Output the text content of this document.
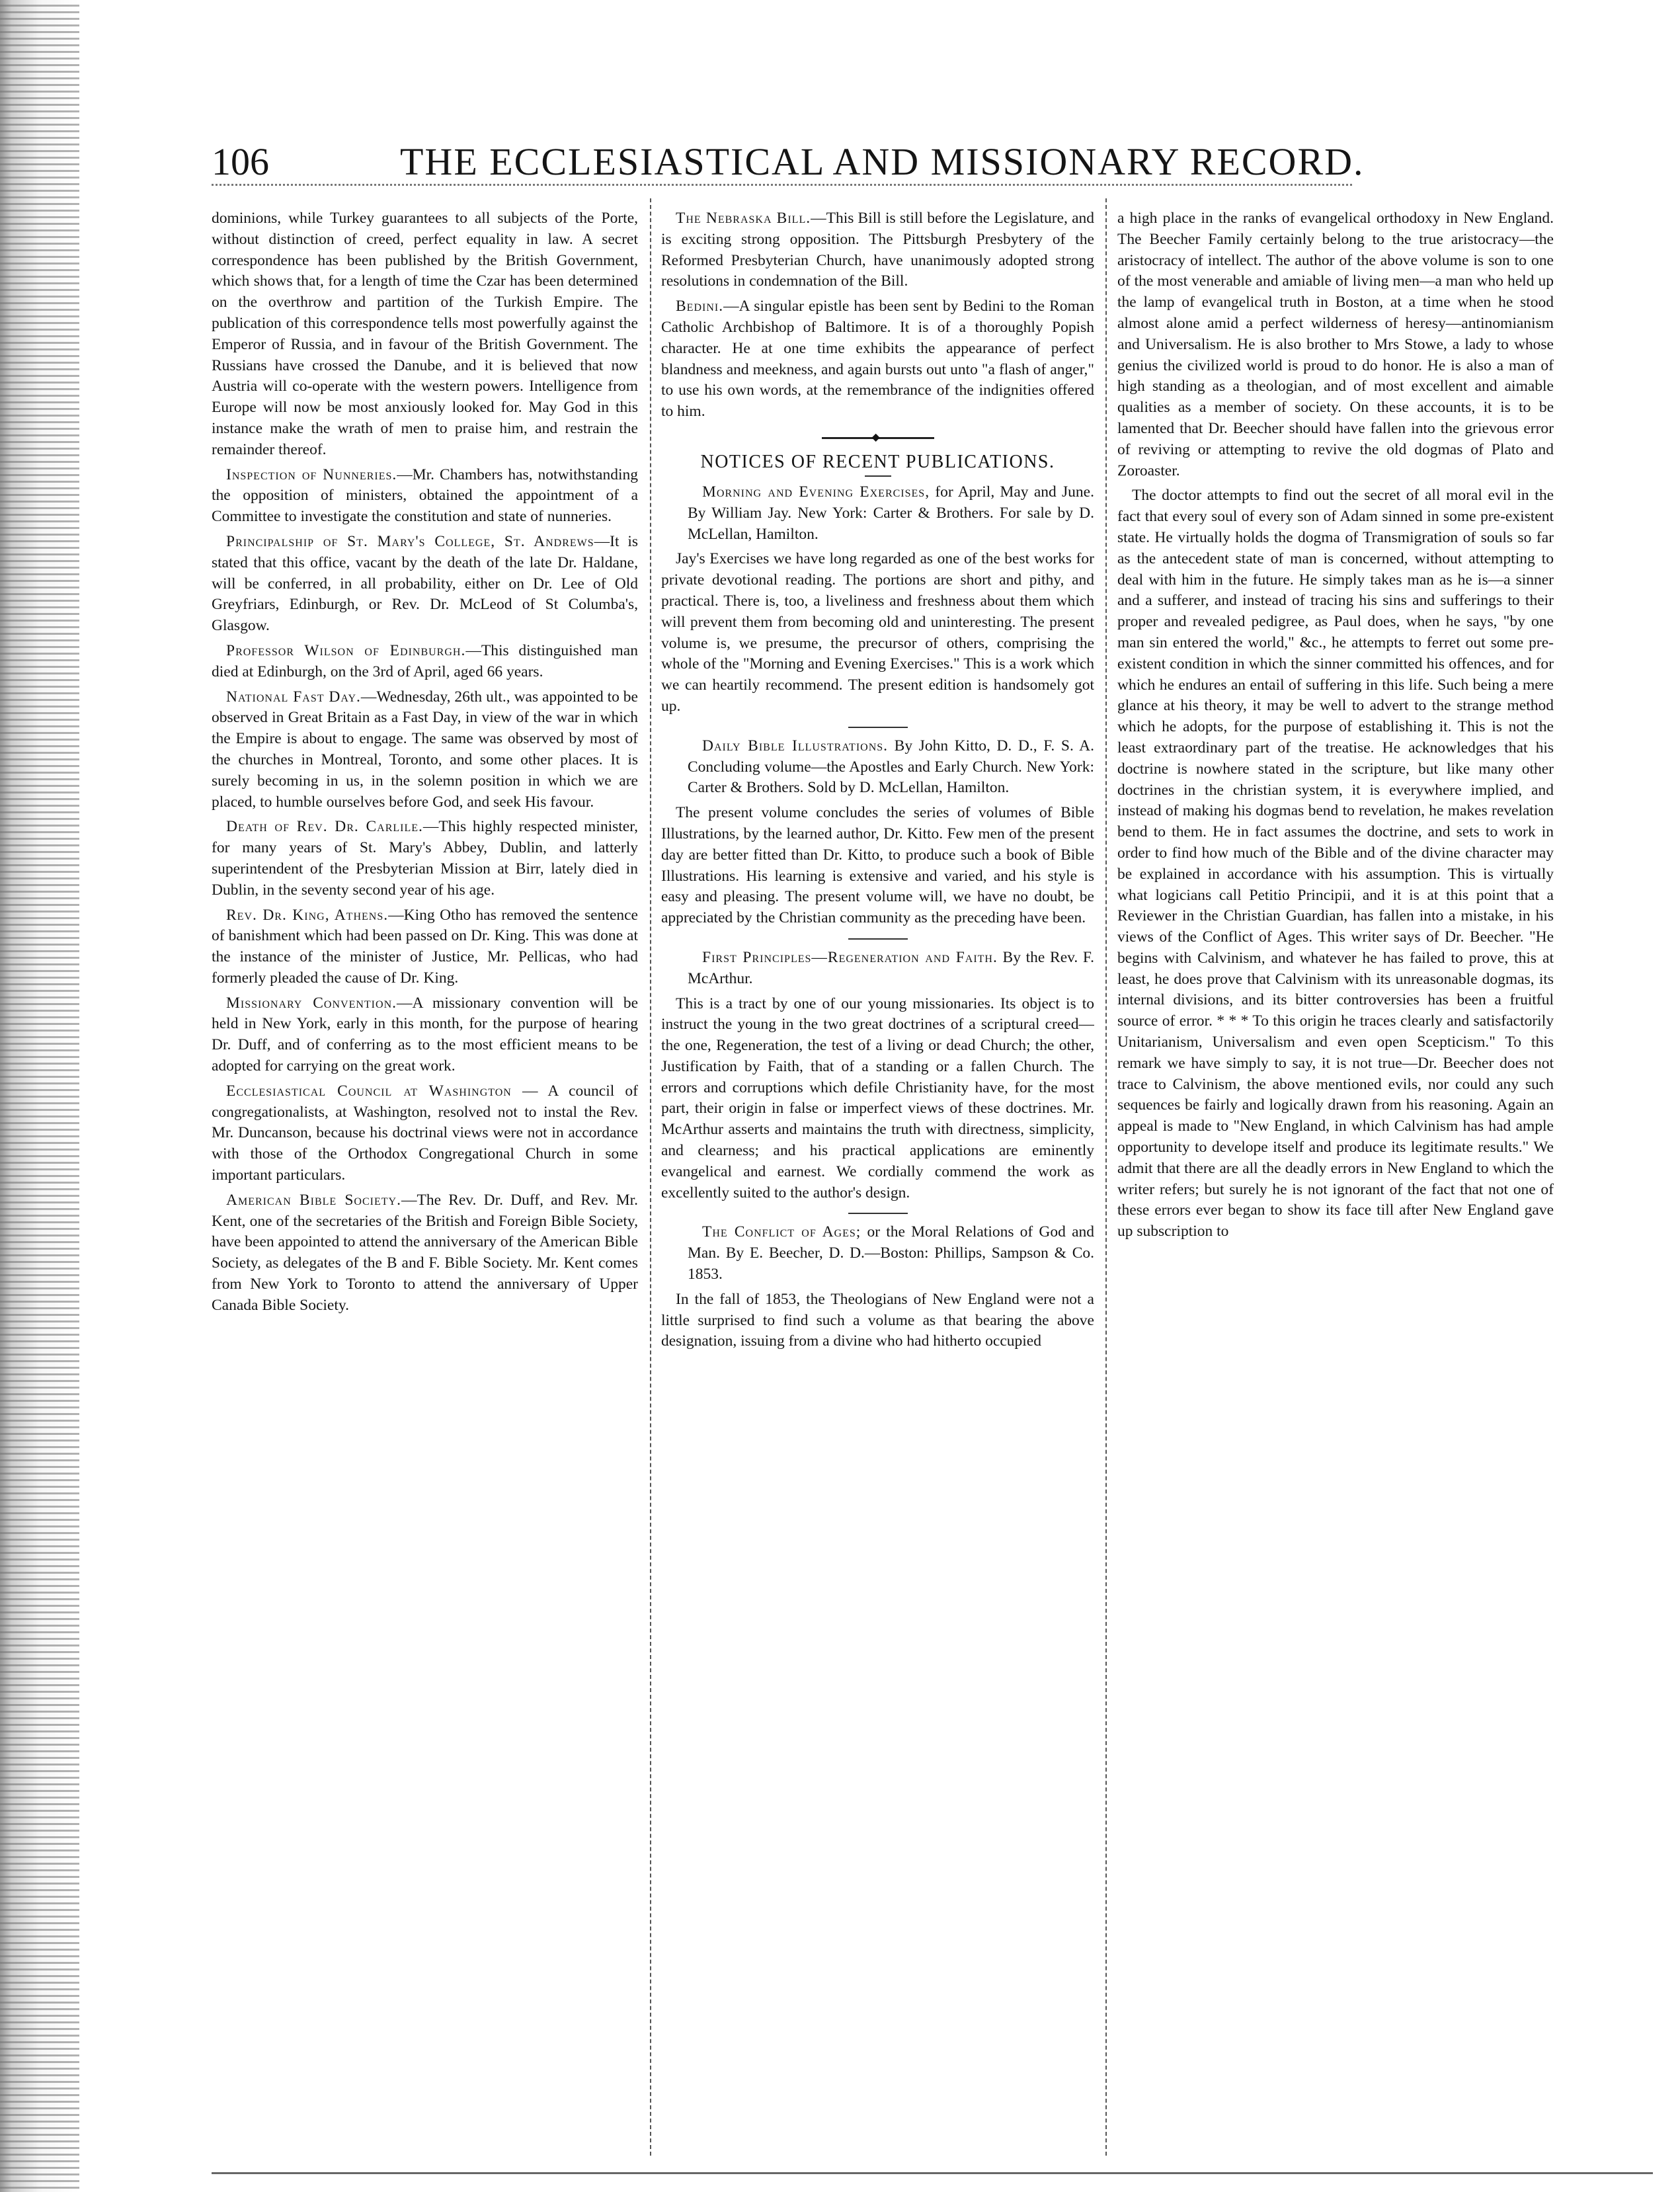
106	THE ECCLESIASTICAL AND MISSIONARY RECORD.

dominions, while Turkey guarantees to all subjects of the Porte, without distinction of creed, perfect equality in law. A secret correspondence has been published by the British Government, which shows that, for a length of time the Czar has been determined on the overthrow and partition of the Turkish Empire. The publication of this correspondence tells most powerfully against the Emperor of Russia, and in favour of the British Government. The Russians have crossed the Danube, and it is believed that now Austria will co-operate with the western powers. Intelligence from Europe will now be most anxiously looked for. May God in this instance make the wrath of men to praise him, and restrain the remainder thereof.

Inspection of Nunneries.—Mr. Chambers has, notwithstanding the opposition of ministers, obtained the appointment of a Committee to investigate the constitution and state of nunneries.

Principalship of St. Mary's College, St. Andrews—It is stated that this office, vacant by the death of the late Dr. Haldane, will be conferred, in all probability, either on Dr. Lee of Old Greyfriars, Edinburgh, or Rev. Dr. McLeod of St Columba's, Glasgow.

Professor Wilson of Edinburgh.—This distinguished man died at Edinburgh, on the 3rd of April, aged 66 years.

National Fast Day.—Wednesday, 26th ult., was appointed to be observed in Great Britain as a Fast Day, in view of the war in which the Empire is about to engage. The same was observed by most of the churches in Montreal, Toronto, and some other places. It is surely becoming in us, in the solemn position in which we are placed, to humble ourselves before God, and seek His favour.

Death of Rev. Dr. Carlile.—This highly respected minister, for many years of St. Mary's Abbey, Dublin, and latterly superintendent of the Presbyterian Mission at Birr, lately died in Dublin, in the seventy second year of his age.

Rev. Dr. King, Athens.—King Otho has removed the sentence of banishment which had been passed on Dr. King. This was done at the instance of the minister of Justice, Mr. Pellicas, who had formerly pleaded the cause of Dr. King.

Missionary Convention.—A missionary convention will be held in New York, early in this month, for the purpose of hearing Dr. Duff, and of conferring as to the most efficient means to be adopted for carrying on the great work.

Ecclesiastical Council at Washington — A council of congregationalists, at Washington, resolved not to instal the Rev. Mr. Duncanson, because his doctrinal views were not in accordance with those of the Orthodox Congregational Church in some important particulars.

American Bible Society.—The Rev. Dr. Duff, and Rev. Mr. Kent, one of the secretaries of the British and Foreign Bible Society, have been appointed to attend the anniversary of the American Bible Society, as delegates of the B and F. Bible Society. Mr. Kent comes from New York to Toronto to attend the anniversary of Upper Canada Bible Society.

The Nebraska Bill.—This Bill is still before the Legislature, and is exciting strong opposition. The Pittsburgh Presbytery of the Reformed Presbyterian Church, have unanimously adopted strong resolutions in condemnation of the Bill.

Bedini.—A singular epistle has been sent by Bedini to the Roman Catholic Archbishop of Baltimore. It is of a thoroughly Popish character. He at one time exhibits the appearance of perfect blandness and meekness, and again bursts out unto "a flash of anger," to use his own words, at the remembrance of the indignities offered to him.

◆
NOTICES OF RECENT PUBLICATIONS.

Morning and Evening Exercises, for April, May and June. By William Jay. New York: Carter & Brothers. For sale by D. McLellan, Hamilton.

Jay's Exercises we have long regarded as one of the best works for private devotional reading. The portions are short and pithy, and practical. There is, too, a liveliness and freshness about them which will prevent them from becoming old and uninteresting. The present volume is, we presume, the precursor of others, comprising the whole of the "Morning and Evening Exercises." This is a work which we can heartily recommend. The present edition is handsomely got up.

Daily Bible Illustrations. By John Kitto, D. D., F. S. A. Concluding volume—the Apostles and Early Church. New York: Carter & Brothers. Sold by D. McLellan, Hamilton.

The present volume concludes the series of volumes of Bible Illustrations, by the learned author, Dr. Kitto. Few men of the present day are better fitted than Dr. Kitto, to produce such a book of Bible Illustrations. His learning is extensive and varied, and his style is easy and pleasing. The present volume will, we have no doubt, be appreciated by the Christian community as the preceding have been.

First Principles—Regeneration and Faith. By the Rev. F. McArthur.

This is a tract by one of our young missionaries. Its object is to instruct the young in the two great doctrines of a scriptural creed—the one, Regeneration, the test of a living or dead Church; the other, Justification by Faith, that of a standing or a fallen Church. The errors and corruptions which defile Christianity have, for the most part, their origin in false or imperfect views of these doctrines. Mr. McArthur asserts and maintains the truth with directness, simplicity, and clearness; and his practical applications are eminently evangelical and earnest. We cordially commend the work as excellently suited to the author's design.

The Conflict of Ages; or the Moral Relations of God and Man. By E. Beecher, D. D.—Boston: Phillips, Sampson & Co. 1853.

In the fall of 1853, the Theologians of New England were not a little surprised to find such a volume as that bearing the above designation, issuing from a divine who had hitherto occupied

a high place in the ranks of evangelical orthodoxy in New England. The Beecher Family certainly belong to the true aristocracy—the aristocracy of intellect. The author of the above volume is son to one of the most venerable and amiable of living men—a man who held up the lamp of evangelical truth in Boston, at a time when he stood almost alone amid a perfect wilderness of heresy—antinomianism and Universalism. He is also brother to Mrs Stowe, a lady to whose genius the civilized world is proud to do honor. He is also a man of high standing as a theologian, and of most excellent and aimable qualities as a member of society. On these accounts, it is to be lamented that Dr. Beecher should have fallen into the grievous error of reviving or attempting to revive the old dogmas of Plato and Zoroaster.

The doctor attempts to find out the secret of all moral evil in the fact that every soul of every son of Adam sinned in some pre-existent state. He virtually holds the dogma of Transmigration of souls so far as the antecedent state of man is concerned, without attempting to deal with him in the future. He simply takes man as he is—a sinner and a sufferer, and instead of tracing his sins and sufferings to their proper and revealed pedigree, as Paul does, when he says, "by one man sin entered the world," &c., he attempts to ferret out some pre-existent condition in which the sinner committed his offences, and for which he endures an entail of suffering in this life. Such being a mere glance at his theory, it may be well to advert to the strange method which he adopts, for the purpose of establishing it. This is not the least extraordinary part of the treatise. He acknowledges that his doctrine is nowhere stated in the scripture, but like many other doctrines in the christian system, it is everywhere implied, and instead of making his dogmas bend to revelation, he makes revelation bend to them. He in fact assumes the doctrine, and sets to work in order to find how much of the Bible and of the divine character may be explained in accordance with his assumption. This is virtually what logicians call Petitio Principii, and it is at this point that a Reviewer in the Christian Guardian, has fallen into a mistake, in his views of the Conflict of Ages. This writer says of Dr. Beecher. "He begins with Calvinism, and whatever he has failed to prove, this at least, he does prove that Calvinism with its unreasonable dogmas, its internal divisions, and its bitter controversies has been a fruitful source of error. * * * To this origin he traces clearly and satisfactorily Unitarianism, Universalism and even open Scepticism." To this remark we have simply to say, it is not true—Dr. Beecher does not trace to Calvinism, the above mentioned evils, nor could any such sequences be fairly and logically drawn from his reasoning. Again an appeal is made to "New England, in which Calvinism has had ample opportunity to develope itself and produce its legitimate results." We admit that there are all the deadly errors in New England to which the writer refers; but surely he is not ignorant of the fact that not one of these errors ever began to show its face till after New England gave up subscription to
